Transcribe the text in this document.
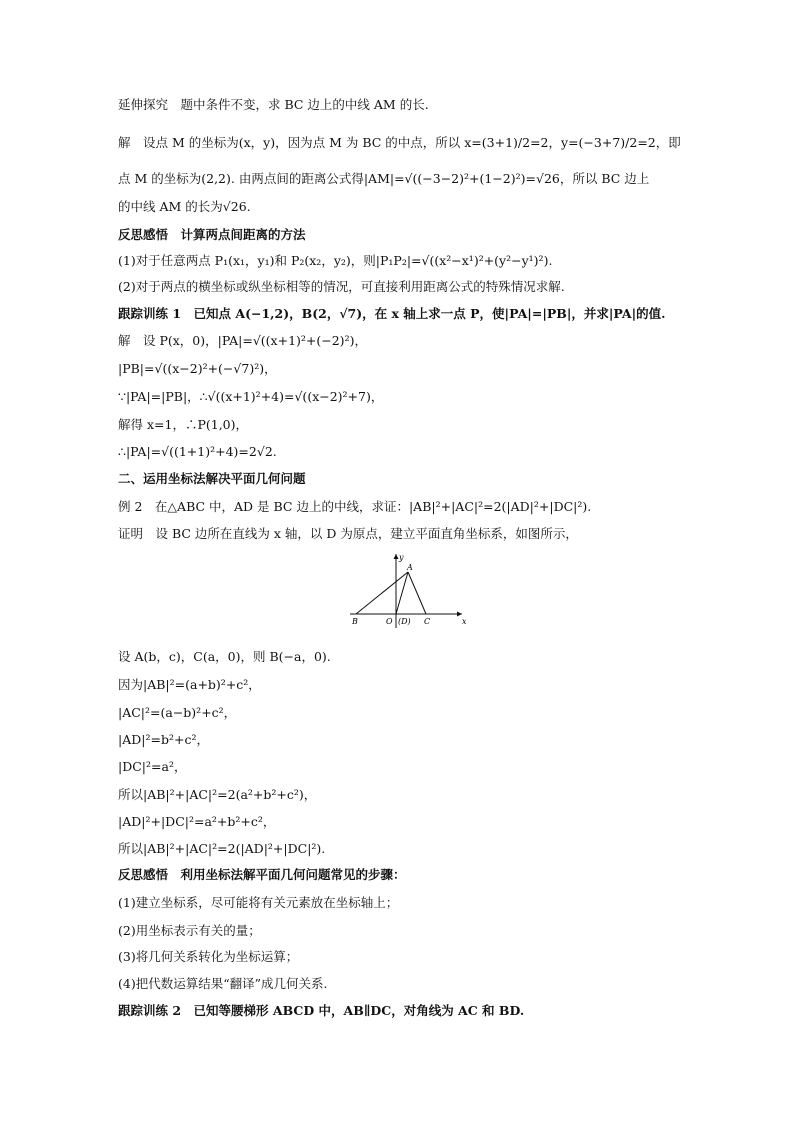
延伸探究　题中条件不变，求 BC 边上的中线 AM 的长.
解　设点 M 的坐标为(x，y)，因为点 M 为 BC 的中点，所以 x=(3+1)/2=2，y=(−3+7)/2=2，即
点 M 的坐标为(2,2). 由两点间的距离公式得|AM|=√((−3−2)²+(1−2)²)=√26，所以 BC 边上
的中线 AM 的长为√26.
反思感悟　计算两点间距离的方法
(1)对于任意两点 P₁(x₁，y₁)和 P₂(x₂，y₂)，则|P₁P₂|=√((x²−x¹)²+(y²−y¹)²).
(2)对于两点的横坐标或纵坐标相等的情况，可直接利用距离公式的特殊情况求解.
跟踪训练 1　已知点 A(−1,2)，B(2，√7)，在 x 轴上求一点 P，使|PA|=|PB|，并求|PA|的值.
解　设 P(x，0)，|PA|=√((x+1)²+(−2)²)，
|PB|=√((x−2)²+(−√7)²)，
∵|PA|=|PB|，∴√((x+1)²+4)=√((x−2)²+7)，
解得 x=1，∴P(1,0)，
∴|PA|=√((1+1)²+4)=2√2.
二、运用坐标法解决平面几何问题
例 2　在△ABC 中，AD 是 BC 边上的中线，求证：|AB|²+|AC|²=2(|AD|²+|DC|²).
证明　设 BC 边所在直线为 x 轴，以 D 为原点，建立平面直角坐标系，如图所示，
y
x
A
B	O (D) C
设 A(b，c)，C(a，0)，则 B(−a，0).
因为|AB|²=(a+b)²+c²，
|AC|²=(a−b)²+c²，
|AD|²=b²+c²，
|DC|²=a²，
所以|AB|²+|AC|²=2(a²+b²+c²)，
|AD|²+|DC|²=a²+b²+c²，
所以|AB|²+|AC|²=2(|AD|²+|DC|²).
反思感悟　利用坐标法解平面几何问题常见的步骤：
(1)建立坐标系，尽可能将有关元素放在坐标轴上；
(2)用坐标表示有关的量；
(3)将几何关系转化为坐标运算；
(4)把代数运算结果“翻译”成几何关系.
跟踪训练 2　已知等腰梯形 ABCD 中，AB∥DC，对角线为 AC 和 BD.
